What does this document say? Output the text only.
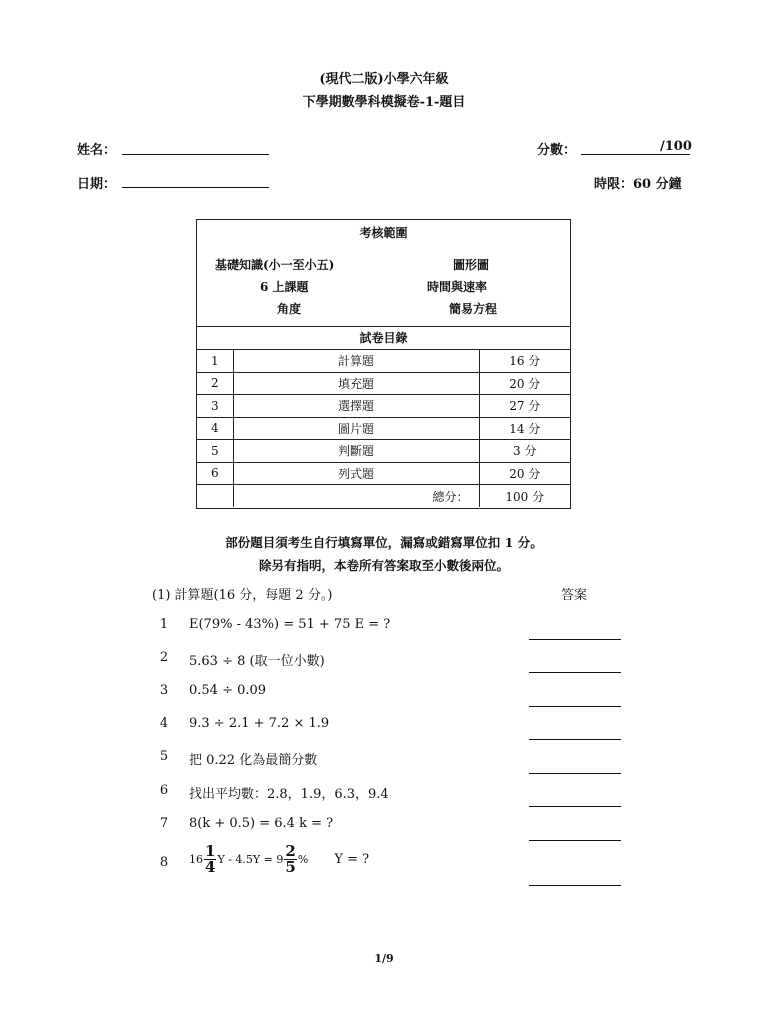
(現代二版)小學六年級
下學期數學科模擬卷-1-題目
姓名：	分數：	/100
日期：	時限：60 分鐘
考核範圍
基礎知識(小一至小五)	圖形圖
6 上課題	時間與速率
角度	簡易方程
試卷目錄
1	計算題	16 分
2	填充題	20 分
3	選擇題	27 分
4	圖片題	14 分
5	判斷題	3 分
6	列式題	20 分
	總分：	100 分
部份題目須考生自行填寫單位，漏寫或錯寫單位扣 1 分。
除另有指明，本卷所有答案取至小數後兩位。
(1) 計算題(16 分，每題 2 分。)	答案
1 E(79% - 43%) = 51 + 75 E = ?
2 5.63 ÷ 8 (取一位小數)
3 0.54 ÷ 0.09
4 9.3 ÷ 2.1 + 7.2 × 1.9
5 把 0.22 化為最簡分數
6 找出平均數：2.8，1.9，6.3，9.4
7 8(k + 0.5) = 6.4 k = ?
8 $16 \frac{1}{4}$ $Y - 4.5Y = 9 \frac{2}{5}$ % Y = ?
1/9
